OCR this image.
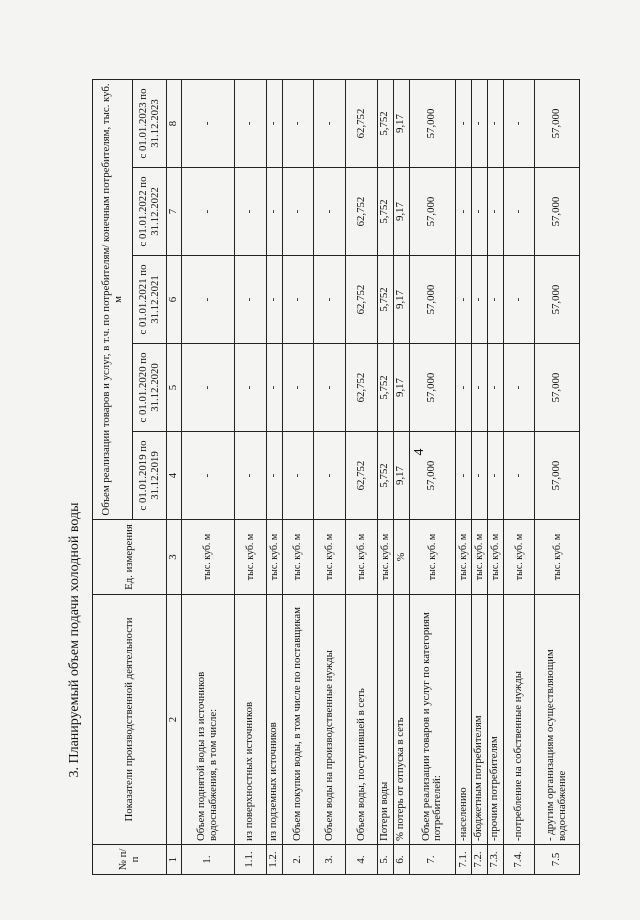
4
3. Планируемый объем подачи холодной воды
№ п/п	Показатели производственной деятельности	Ед. измерения	Объем реализации товаров и услуг, в т.ч. по потребителям/ конечным потребителям, тыс. куб. м				
			с 01.01.2019 по 31.12.2019	с 01.01.2020 по 31.12.2020	с 01.01.2021 по 31.12.2021	с 01.01.2022 по 31.12.2022	с 01.01.2023 по 31.12.2023
1	2	3	4	5	6	7	8
1.	Объем поднятой воды из источников водоснабжения, в том числе:	тыс. куб. м	-	-	-	-	-
1.1.	из поверхностных источников	тыс. куб. м	-	-	-	-	-
1.2.	из подземных источников	тыс. куб. м	-	-	-	-	-
2.	Объем покупки воды, в том числе по поставщикам	тыс. куб. м	-	-	-	-	-
3.	Объем воды на производственные нужды	тыс. куб. м	-	-	-	-	-
4.	Объем воды, поступившей в сеть	тыс. куб. м	62,752	62,752	62,752	62,752	62,752
5.	Потери воды	тыс. куб. м	5,752	5,752	5,752	5,752	5,752
6.	% потерь от отпуска в сеть	%	9,17	9,17	9,17	9,17	9,17
7.	Объем реализации товаров и услуг по категориям потребителей:	тыс. куб. м	57,000	57,000	57,000	57,000	57,000
7.1.	-населению	тыс. куб. м	-	-	-	-	-
7.2.	-бюджетным потребителям	тыс. куб. м	-	-	-	-	-
7.3.	-прочим потребителям	тыс. куб. м	-	-	-	-	-
7.4.	-потребление на собственные нужды	тыс. куб. м	-	-	-	-	-
7.5	- другим организациям осуществляющим водоснабжение	тыс. куб. м	57,000	57,000	57,000	57,000	57,000
